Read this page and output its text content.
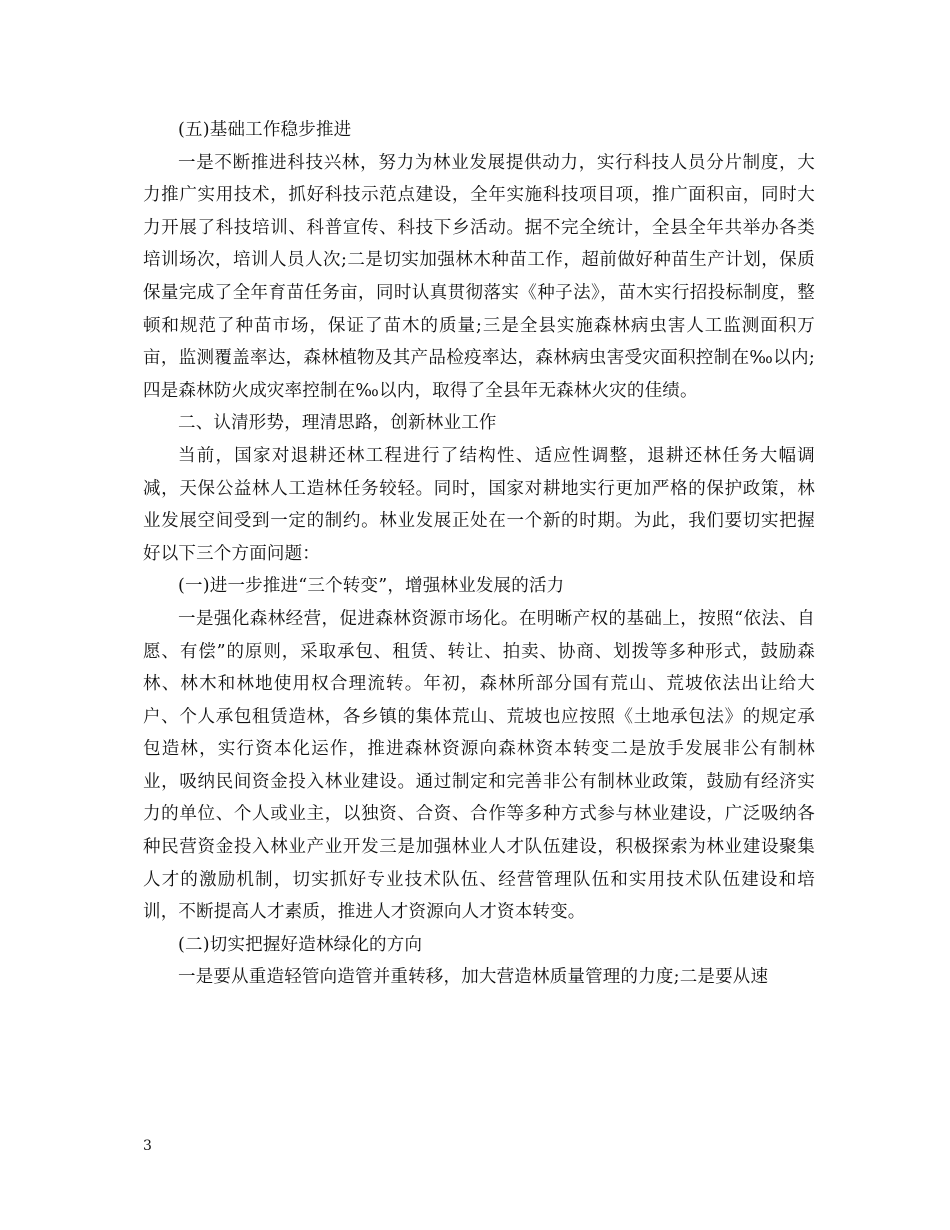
(五)基础工作稳步推进

一是不断推进科技兴林，努力为林业发展提供动力，实行科技人员分片制度，大力推广实用技术，抓好科技示范点建设，全年实施科技项目项，推广面积亩，同时大力开展了科技培训、科普宣传、科技下乡活动。据不完全统计，全县全年共举办各类培训场次，培训人员人次;二是切实加强林木种苗工作，超前做好种苗生产计划，保质保量完成了全年育苗任务亩，同时认真贯彻落实《种子法》，苗木实行招投标制度，整顿和规范了种苗市场，保证了苗木的质量;三是全县实施森林病虫害人工监测面积万亩，监测覆盖率达，森林植物及其产品检疫率达，森林病虫害受灾面积控制在‰以内;四是森林防火成灾率控制在‰以内，取得了全县年无森林火灾的佳绩。

二、认清形势，理清思路，创新林业工作

当前，国家对退耕还林工程进行了结构性、适应性调整，退耕还林任务大幅调减，天保公益林人工造林任务较轻。同时，国家对耕地实行更加严格的保护政策，林业发展空间受到一定的制约。林业发展正处在一个新的时期。为此，我们要切实把握好以下三个方面问题：

(一)进一步推进“三个转变”，增强林业发展的活力

一是强化森林经营，促进森林资源市场化。在明晰产权的基础上，按照“依法、自愿、有偿”的原则，采取承包、租赁、转让、拍卖、协商、划拨等多种形式，鼓励森林、林木和林地使用权合理流转。年初，森林所部分国有荒山、荒坡依法出让给大户、个人承包租赁造林，各乡镇的集体荒山、荒坡也应按照《土地承包法》的规定承包造林，实行资本化运作，推进森林资源向森林资本转变二是放手发展非公有制林业，吸纳民间资金投入林业建设。通过制定和完善非公有制林业政策，鼓励有经济实力的单位、个人或业主，以独资、合资、合作等多种方式参与林业建设，广泛吸纳各种民营资金投入林业产业开发三是加强林业人才队伍建设，积极探索为林业建设聚集人才的激励机制，切实抓好专业技术队伍、经营管理队伍和实用技术队伍建设和培训，不断提高人才素质，推进人才资源向人才资本转变。

(二)切实把握好造林绿化的方向

一是要从重造轻管向造管并重转移，加大营造林质量管理的力度;二是要从速

3
